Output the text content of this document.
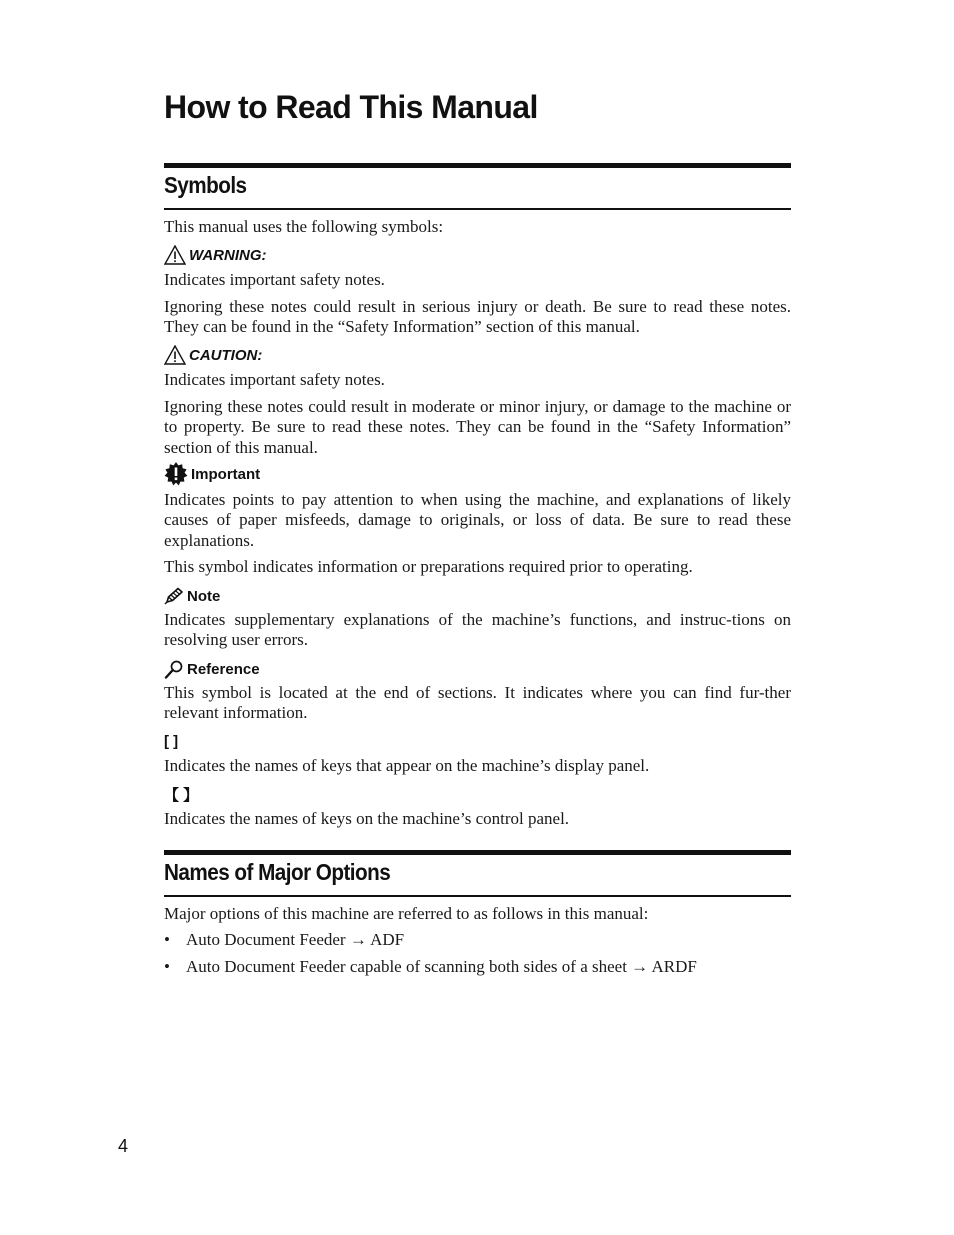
How to Read This Manual
Symbols

This manual uses the following symbols:

WARNING:

Indicates important safety notes.

Ignoring these notes could result in serious injury or death. Be sure to read these notes. They can be found in the “Safety Information” section of this manual.

CAUTION:

Indicates important safety notes.

Ignoring these notes could result in moderate or minor injury, or damage to the machine or to property. Be sure to read these notes. They can be found in the “Safety Information” section of this manual.

Important

Indicates points to pay attention to when using the machine, and explanations of likely causes of paper misfeeds, damage to originals, or loss of data. Be sure to read these explanations.

This symbol indicates information or preparations required prior to operating.

Note

Indicates supplementary explanations of the machine’s functions, and instruc-tions on resolving user errors.

Reference

This symbol is located at the end of sections. It indicates where you can find fur-ther relevant information.

[ ]

Indicates the names of keys that appear on the machine’s display panel.

【 】

Indicates the names of keys on the machine’s control panel.

Names of Major Options

Major options of this machine are referred to as follows in this manual:

• Auto Document Feeder → ADF
• Auto Document Feeder capable of scanning both sides of a sheet → ARDF
4
